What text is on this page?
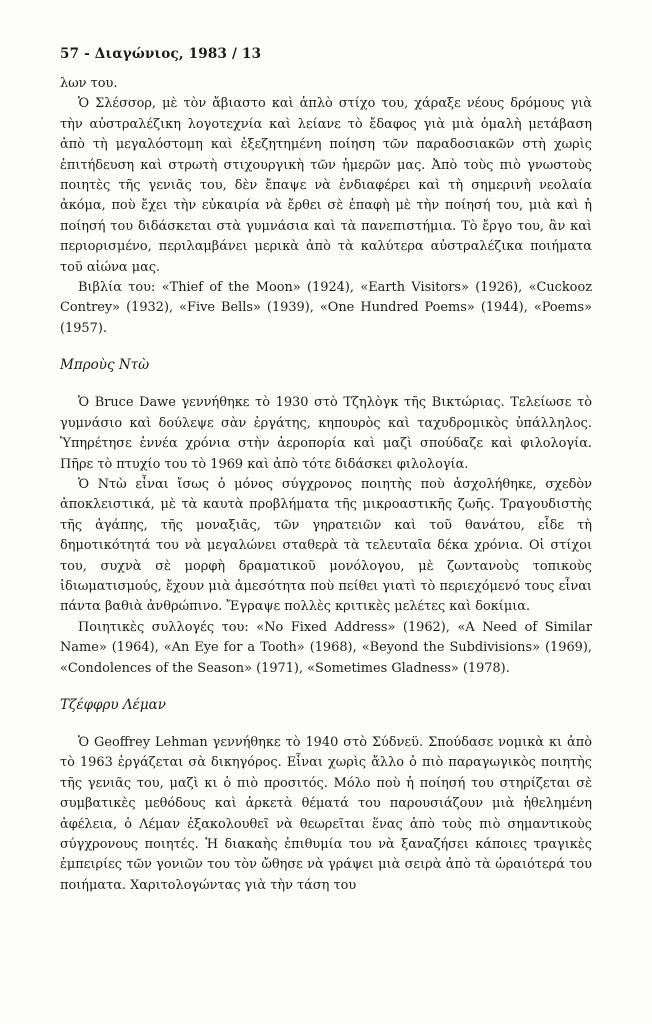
57 - Διαγώνιος, 1983 / 13

λων του.

Ὁ Σλέσσορ, μὲ τὸν ἄβιαστο καὶ ἁπλὸ στίχο του, χάραξε νέους δρόμους γιὰ τὴν αὐστραλέζικη λογοτεχνία καὶ λείανε τὸ ἔδαφος γιὰ μιὰ ὁμαλὴ μετάβαση ἀπὸ τὴ μεγαλόστομη καὶ ἐξεζητημένη ποίηση τῶν παραδοσιακῶν στὴ χωρὶς ἐπιτήδευση καὶ στρωτὴ στιχουργικὴ τῶν ἡμερῶν μας. Ἀπὸ τοὺς πιὸ γνωστοὺς ποιητὲς τῆς γενιᾶς του, δὲν ἔπαψε νὰ ἐνδιαφέρει καὶ τὴ σημερινὴ νεολαία ἀκόμα, ποὺ ἔχει τὴν εὐκαιρία νὰ ἔρθει σὲ ἐπαφὴ μὲ τὴν ποίησή του, μιὰ καὶ ἡ ποίησή του διδάσκεται στὰ γυμνάσια καὶ τὰ πανεπιστήμια. Τὸ ἔργο του, ἂν καὶ περιορισμένο, περιλαμβάνει μερικὰ ἀπὸ τὰ καλύτερα αὐστραλέζικα ποιήματα τοῦ αἰώνα μας.

Βιβλία του: «Thief of the Moon» (1924), «Earth Visitors» (1926), «Cuckooz Contrey» (1932), «Five Bells» (1939), «One Hundred Poems» (1944), «Poems» (1957).

Μπροὺς Ντὼ

Ὁ Bruce Dawe γεννήθηκε τὸ 1930 στὸ Τζηλὸγκ τῆς Βικτώριας. Τελείωσε τὸ γυμνάσιο καὶ δούλεψε σὰν ἐργάτης, κηπουρὸς καὶ ταχυδρομικὸς ὑπάλληλος. Ὑπηρέτησε ἐννέα χρόνια στὴν ἀεροπορία καὶ μαζὶ σπούδαζε καὶ φιλολογία. Πῆρε τὸ πτυχίο του τὸ 1969 καὶ ἀπὸ τότε διδάσκει φιλολογία.

Ὁ Ντὼ εἶναι ἴσως ὁ μόνος σύγχρονος ποιητὴς ποὺ ἀσχολήθηκε, σχεδὸν ἀποκλειστικά, μὲ τὰ καυτὰ προβλήματα τῆς μικροαστικῆς ζωῆς. Τραγουδιστὴς τῆς ἀγάπης, τῆς μοναξιᾶς, τῶν γηρατειῶν καὶ τοῦ θανάτου, εἶδε τὴ δημοτικότητά του νὰ μεγαλώνει σταθερὰ τὰ τελευταῖα δέκα χρόνια. Οἱ στίχοι του, συχνὰ σὲ μορφὴ δραματικοῦ μονόλογου, μὲ ζωντανοὺς τοπικοὺς ἰδιωματισμούς, ἔχουν μιὰ ἀμεσότητα ποὺ πείθει γιατὶ τὸ περιεχόμενό τους εἶναι πάντα βαθιὰ ἀνθρώπινο. Ἔγραψε πολλὲς κριτικὲς μελέτες καὶ δοκίμια.

Ποιητικὲς συλλογές του: «No Fixed Address» (1962), «A Need of Similar Name» (1964), «An Eye for a Tooth» (1968), «Beyond the Subdivisions» (1969), «Condolences of the Season» (1971), «Sometimes Gladness» (1978).

Τζέφφρυ Λέμαν

Ὁ Geoffrey Lehman γεννήθηκε τὸ 1940 στὸ Σύδνεϋ. Σπούδασε νομικὰ κι ἀπὸ τὸ 1963 ἐργάζεται σὰ δικηγόρος. Εἶναι χωρὶς ἄλλο ὁ πιὸ παραγωγικὸς ποιητὴς τῆς γενιᾶς του, μαζὶ κι ὁ πιὸ προσιτός. Μόλο ποὺ ἡ ποίησή του στηρίζεται σὲ συμβατικὲς μεθόδους καὶ ἀρκετὰ θέματά του παρουσιάζουν μιὰ ἠθελημένη ἀφέλεια, ὁ Λέμαν ἐξακολουθεῖ νὰ θεωρεῖται ἕνας ἀπὸ τοὺς πιὸ σημαντικοὺς σύγχρονους ποιητές. Ἡ διακαὴς ἐπιθυμία του νὰ ξαναζήσει κάποιες τραγικὲς ἐμπειρίες τῶν γονιῶν του τὸν ὤθησε νὰ γράψει μιὰ σειρὰ ἀπὸ τὰ ὡραιότερά του ποιήματα. Χαριτολογώντας γιὰ τὴν τάση του
